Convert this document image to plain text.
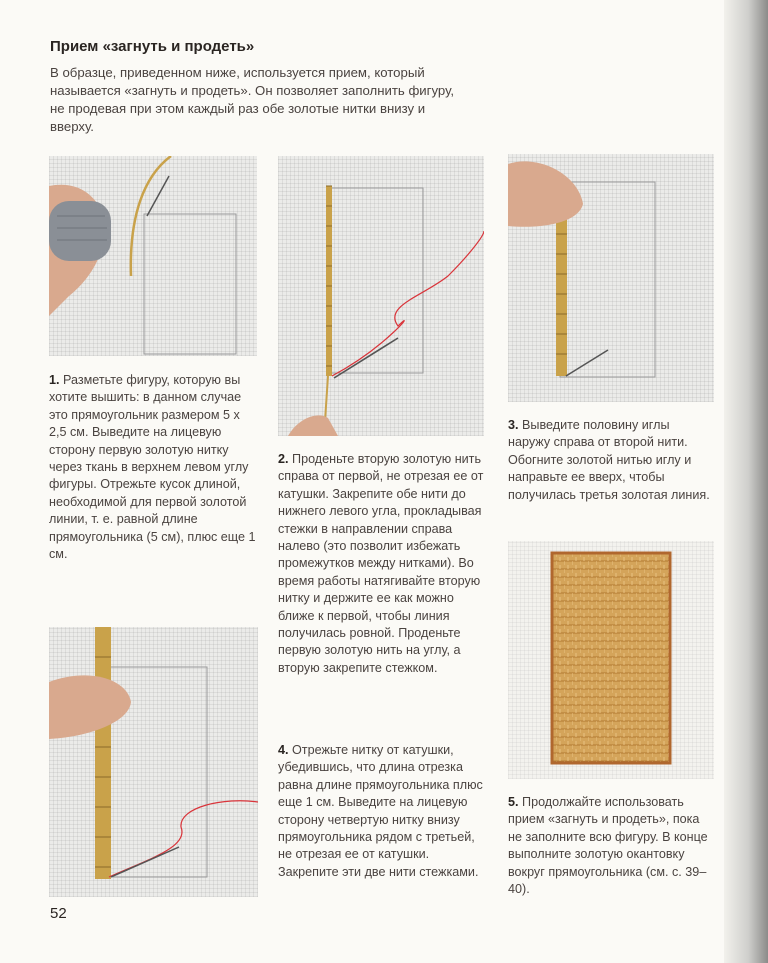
Прием «загнуть и продеть»

В образце, приведенном ниже, используется прием, который называется «загнуть и продеть». Он позволяет заполнить фигуру, не продевая при этом каждый раз обе золотые нитки внизу и вверху.

1. Разметьте фигуру, которую вы хотите вышить: в данном случае это прямоугольник размером 5 х 2,5 см. Выведите на лицевую сторону первую золотую нитку через ткань в верхнем левом углу фигуры. Отрежьте кусок длиной, необходимой для первой золотой линии, т. е. равной длине прямоугольника (5 см), плюс еще 1 см.

2. Проденьте вторую золотую нить справа от первой, не отрезая ее от катушки. Закрепите обе нити до нижнего левого угла, прокладывая стежки в направлении справа налево (это позволит избежать промежутков между нитками). Во время работы натягивайте вторую нитку и держите ее как можно ближе к первой, чтобы линия получилась ровной. Проденьте первую золотую нить на углу, а вторую закрепите стежком.

3. Выведите половину иглы наружу справа от второй нити. Обогните золотой нитью иглу и направьте ее вверх, чтобы получилась третья золотая линия.

4. Отрежьте нитку от катушки, убедившись, что длина отрезка равна длине прямоугольника плюс еще 1 см. Выведите на лицевую сторону четвертую нитку внизу прямоугольника рядом с третьей, не отрезая ее от катушки. Закрепите эти две нити стежками.

5. Продолжайте использовать прием «загнуть и продеть», пока не заполните всю фигуру. В конце выполните золотую окантовку вокруг прямоугольника (см. с. 39–40).

52
